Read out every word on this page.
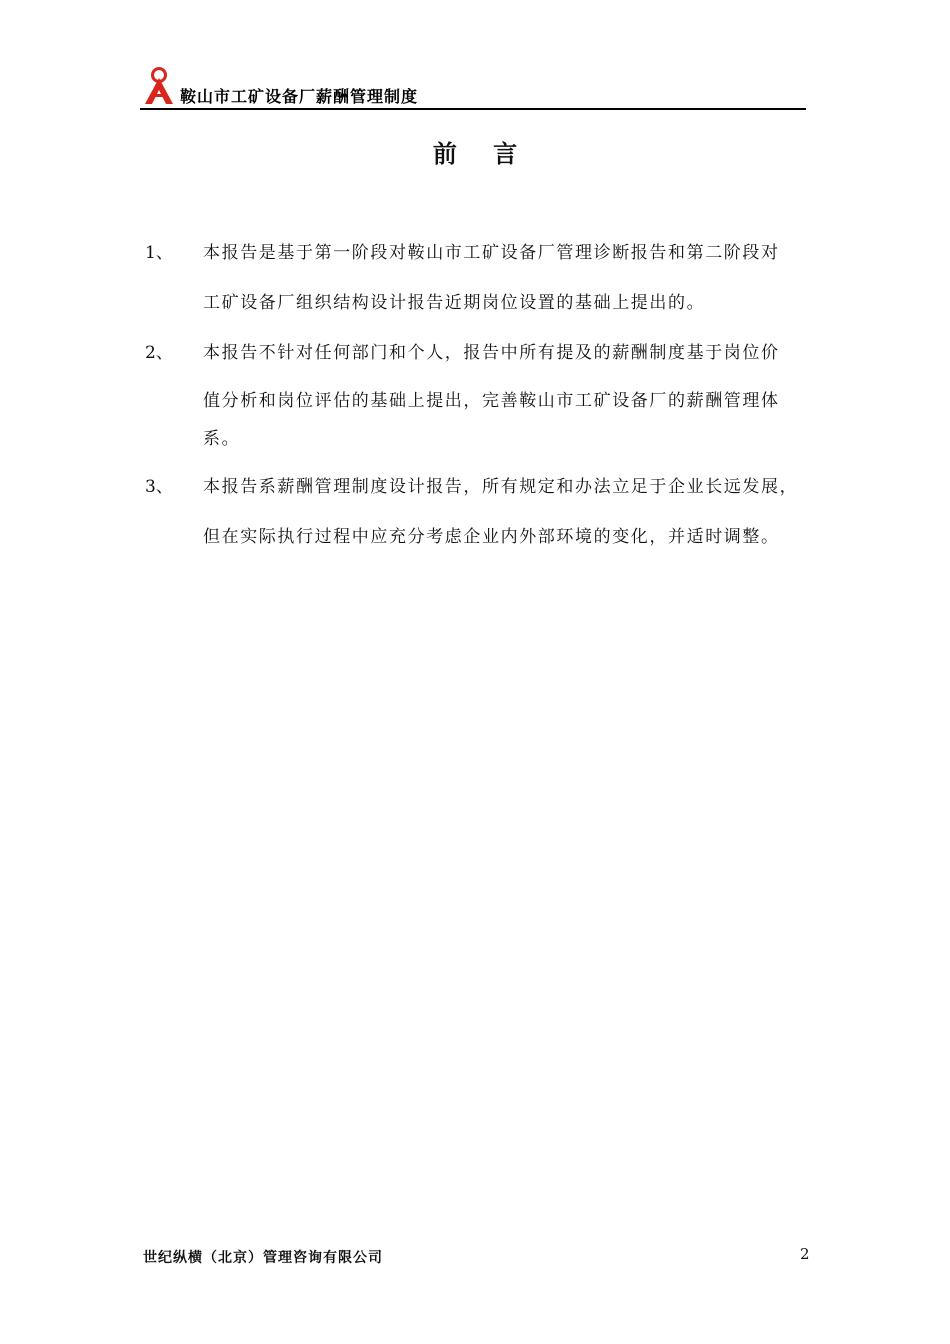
鞍山市工矿设备厂薪酬管理制度
前 言
1、 本报告是基于第一阶段对鞍山市工矿设备厂管理诊断报告和第二阶段对
工矿设备厂组织结构设计报告近期岗位设置的基础上提出的。
2、 本报告不针对任何部门和个人，报告中所有提及的薪酬制度基于岗位价
值分析和岗位评估的基础上提出，完善鞍山市工矿设备厂的薪酬管理体
系。
3、 本报告系薪酬管理制度设计报告，所有规定和办法立足于企业长远发展，
但在实际执行过程中应充分考虑企业内外部环境的变化，并适时调整。
世纪纵横（北京）管理咨询有限公司	2
